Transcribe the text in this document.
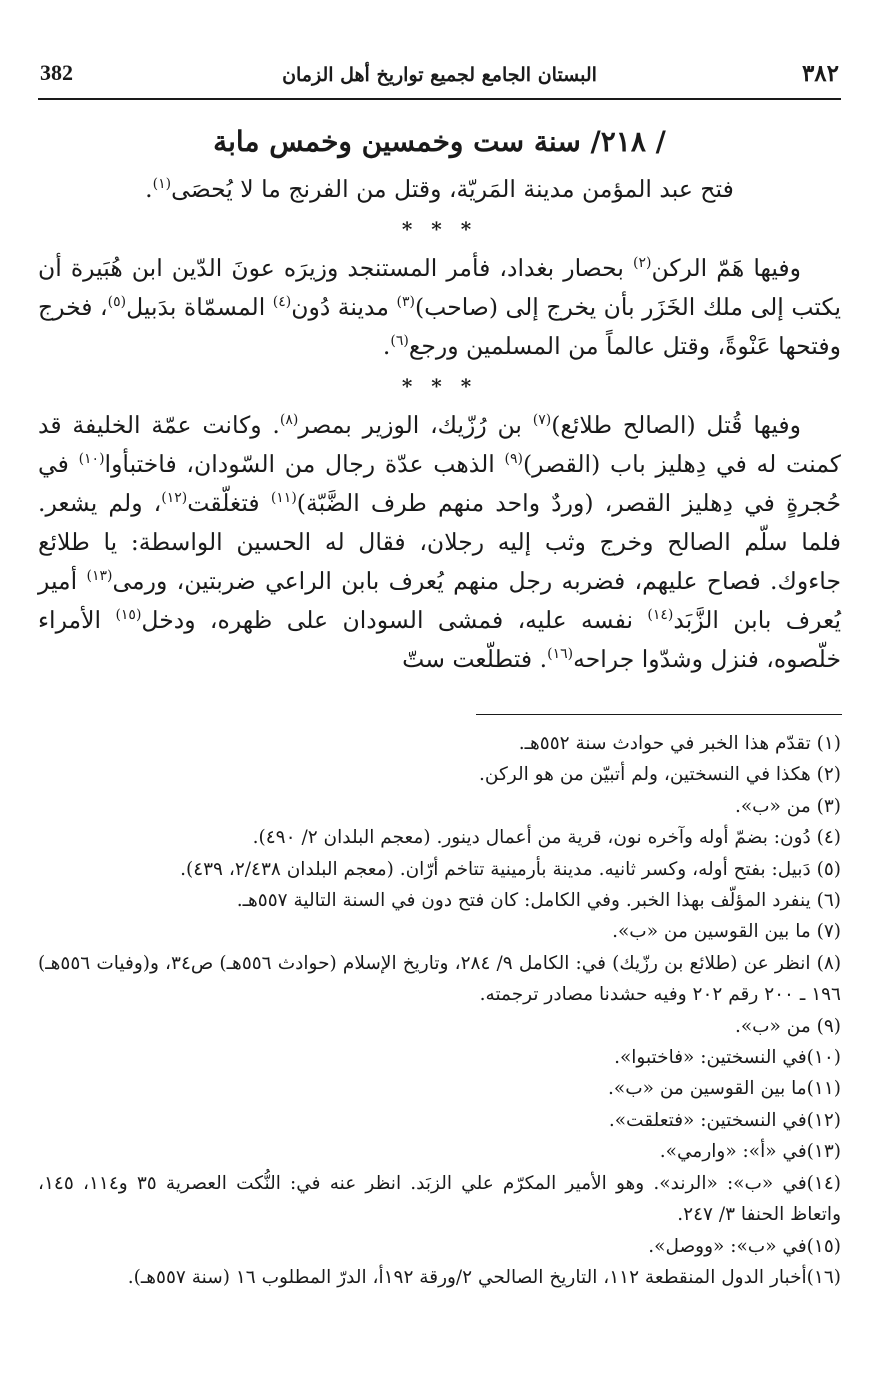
382	البستان الجامع لجميع تواريخ أهل الزمان	٣٨٢
/ ٢١٨/ سنة ست وخمسين وخمس مابة

فتح عبد المؤمن مدينة المَريّة، وقتل من الفرنج ما لا يُحصَى$^{(١)}$.

* * *

وفيها هَمّ الركن$^{(٢)}$ بحصار بغداد، فأمر المستنجد وزيرَه عونَ الدّين ابن هُبَيرة أن يكتب إلى ملك الخَزَر بأن يخرج إلى (صاحب)$^{(٣)}$ مدينة دُون$^{(٤)}$ المسمّاة بدَبيل$^{(٥)}$، فخرج وفتحها عَنْوةً، وقتل عالماً من المسلمين ورجع$^{(٦)}$.

* * *

وفيها قُتل (الصالح طلائع)$^{(٧)}$ بن رُزّيك، الوزير بمصر$^{(٨)}$. وكانت عمّة الخليفة قد كمنت له في دِهليز باب (القصر)$^{(٩)}$ الذهب عدّة رجال من السّودان، فاختبأوا$^{(١٠)}$ في حُجرةٍ في دِهليز القصر، (وردٌ واحد منهم طرف الضَّبّة)$^{(١١)}$ فتغلّقت$^{(١٢)}$، ولم يشعر. فلما سلّم الصالح وخرج وثب إليه رجلان، فقال له الحسين الواسطة: يا طلائع جاءوك. فصاح عليهم، فضربه رجل منهم يُعرف بابن الراعي ضربتين، ورمى$^{(١٣)}$ أمير يُعرف بابن الزَّبَد$^{(١٤)}$ نفسه عليه، فمشى السودان على ظهره، ودخل$^{(١٥)}$ الأمراء خلّصوه، فنزل وشدّوا جراحه$^{(١٦)}$. فتطلّعت ستّ

(١) تقدّم هذا الخبر في حوادث سنة ٥٥٢هـ.

(٢) هكذا في النسختين، ولم أتبيّن من هو الركن.

(٣) من «ب».

(٤) دُون: بضمّ أوله وآخره نون، قرية من أعمال دينور. (معجم البلدان ٢/ ٤٩٠).

(٥) دَبيل: بفتح أوله، وكسر ثانيه. مدينة بأرمينية تتاخم أرّان. (معجم البلدان ٢/٤٣٨، ٤٣٩).

(٦) ينفرد المؤلّف بهذا الخبر. وفي الكامل: كان فتح دون في السنة التالية ٥٥٧هـ.

(٧) ما بين القوسين من «ب».

(٨) انظر عن (طلائع بن رزّيك) في: الكامل ٩/ ٢٨٤، وتاريخ الإسلام (حوادث ٥٥٦هـ) ص٣٤، و(وفيات ٥٥٦هـ) ١٩٦ ـ ٢٠٠ رقم ٢٠٢ وفيه حشدنا مصادر ترجمته.

(٩) من «ب».

(١٠)في النسختين: «فاختبوا».

(١١)ما بين القوسين من «ب».

(١٢)في النسختين: «فتعلقت».

(١٣)في «أ»: «وارمي».

(١٤)في «ب»: «الرند». وهو الأمير المكرّم علي الزبَد. انظر عنه في: النُّكت العصرية ٣٥ و١١٤، ١٤٥، واتعاظ الحنفا ٣/ ٢٤٧.

(١٥)في «ب»: «ووصل».

(١٦)أخبار الدول المنقطعة ١١٢، التاريخ الصالحي ٢/ورقة ١٩٢أ، الدرّ المطلوب ١٦ (سنة ٥٥٧هـ).
